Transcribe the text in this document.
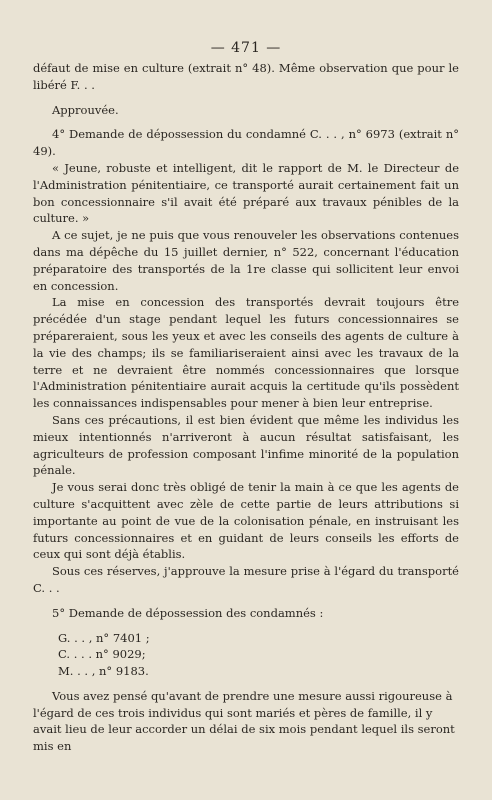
— 471 —

défaut de mise en culture (extrait n° 48). Même observation que pour le libéré F. . .

Approuvée.

4° Demande de dépossession du condamné C. . . , n° 6973 (extrait n° 49).

« Jeune, robuste et intelligent, dit le rapport de M. le Directeur de l'Administration pénitentiaire, ce transporté aurait certainement fait un bon concessionnaire s'il avait été préparé aux travaux pénibles de la culture. »

A ce sujet, je ne puis que vous renouveler les observations contenues dans ma dépêche du 15 juillet dernier, n° 522, concernant l'éducation préparatoire des transportés de la 1re classe qui sollicitent leur envoi en concession.

La mise en concession des transportés devrait toujours être précédée d'un stage pendant lequel les futurs concessionnaires se prépareraient, sous les yeux et avec les conseils des agents de culture à la vie des champs; ils se familiariseraient ainsi avec les travaux de la terre et ne devraient être nommés concessionnaires que lorsque l'Administration pénitentiaire aurait acquis la certitude qu'ils possèdent les connaissances indispensables pour mener à bien leur entreprise.

Sans ces précautions, il est bien évident que même les individus les mieux intentionnés n'arriveront à aucun résultat satisfaisant, les agriculteurs de profession composant l'infime minorité de la population pénale.

Je vous serai donc très obligé de tenir la main à ce que les agents de culture s'acquittent avec zèle de cette partie de leurs attributions si importante au point de vue de la colonisation pénale, en instruisant les futurs concessionnaires et en guidant de leurs conseils les efforts de ceux qui sont déjà établis.

Sous ces réserves, j'approuve la mesure prise à l'égard du transporté C. . .

5° Demande de dépossession des condamnés :

G. . . , n° 7401 ;

C. . . . n° 9029;

M. . . , n° 9183.

Vous avez pensé qu'avant de prendre une mesure aussi rigoureuse à l'égard de ces trois individus qui sont mariés et pères de famille, il y avait lieu de leur accorder un délai de six mois pendant lequel ils seront mis en
